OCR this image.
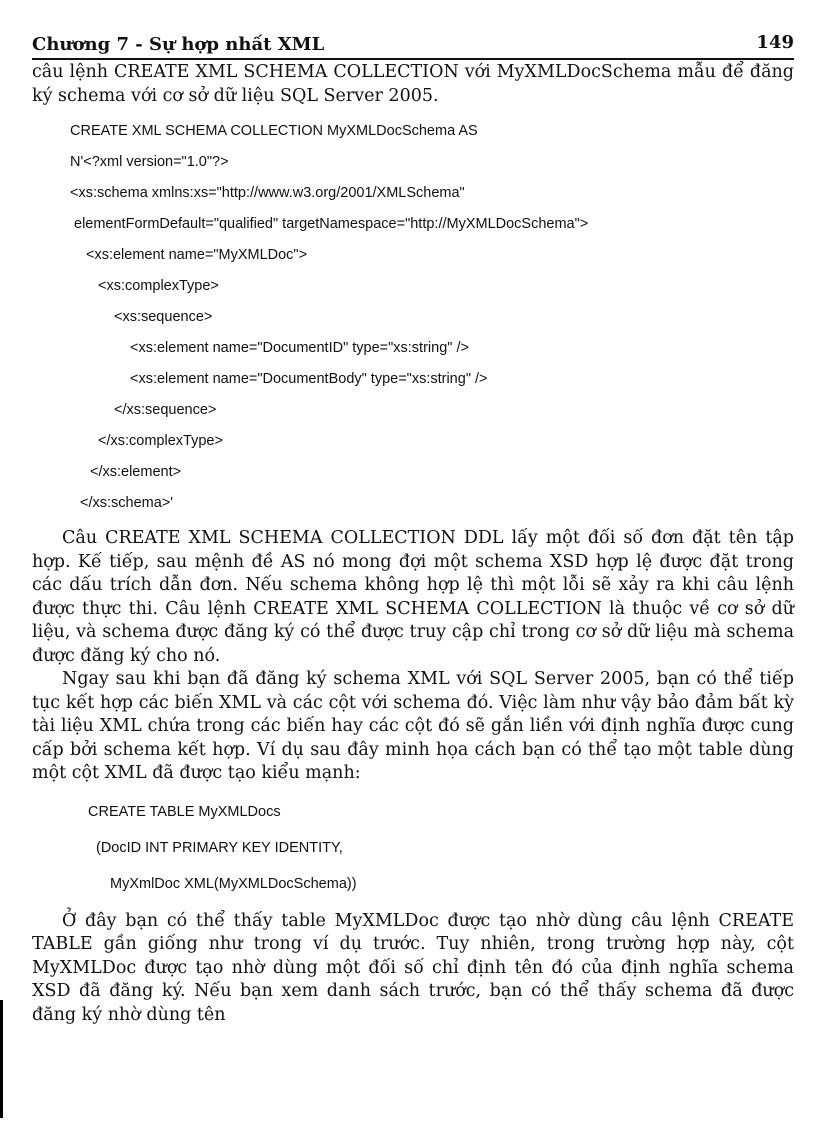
Chương 7 - Sự hợp nhất XML	149

câu lệnh CREATE XML SCHEMA COLLECTION với MyXMLDocSchema mẫu để đăng ký schema với cơ sở dữ liệu SQL Server 2005.

CREATE XML SCHEMA COLLECTION MyXMLDocSchema AS
N'<?xml version="1.0"?>
<xs:schema xmlns:xs="http://www.w3.org/2001/XMLSchema"
elementFormDefault="qualified" targetNamespace="http://MyXMLDocSchema">
<xs:element name="MyXMLDoc">
<xs:complexType>
<xs:sequence>
<xs:element name="DocumentID" type="xs:string" />
<xs:element name="DocumentBody" type="xs:string" />
</xs:sequence>
</xs:complexType>
</xs:element>
</xs:schema>'

Câu CREATE XML SCHEMA COLLECTION DDL lấy một đối số đơn đặt tên tập hợp. Kế tiếp, sau mệnh đề AS nó mong đợi một schema XSD hợp lệ được đặt trong các dấu trích dẫn đơn. Nếu schema không hợp lệ thì một lỗi sẽ xảy ra khi câu lệnh được thực thi. Câu lệnh CREATE XML SCHEMA COLLECTION là thuộc về cơ sở dữ liệu, và schema được đăng ký có thể được truy cập chỉ trong cơ sở dữ liệu mà schema được đăng ký cho nó.

Ngay sau khi bạn đã đăng ký schema XML với SQL Server 2005, bạn có thể tiếp tục kết hợp các biến XML và các cột với schema đó. Việc làm như vậy bảo đảm bất kỳ tài liệu XML chứa trong các biến hay các cột đó sẽ gắn liền với định nghĩa được cung cấp bởi schema kết hợp. Ví dụ sau đây minh họa cách bạn có thể tạo một table dùng một cột XML đã được tạo kiểu mạnh:

CREATE TABLE MyXMLDocs
(DocID INT PRIMARY KEY IDENTITY,
MyXmlDoc XML(MyXMLDocSchema))

Ở đây bạn có thể thấy table MyXMLDoc được tạo nhờ dùng câu lệnh CREATE TABLE gần giống như trong ví dụ trước. Tuy nhiên, trong trường hợp này, cột MyXMLDoc được tạo nhờ dùng một đối số chỉ định tên đó của định nghĩa schema XSD đã đăng ký. Nếu bạn xem danh sách trước, bạn có thể thấy schema đã được đăng ký nhờ dùng tên
